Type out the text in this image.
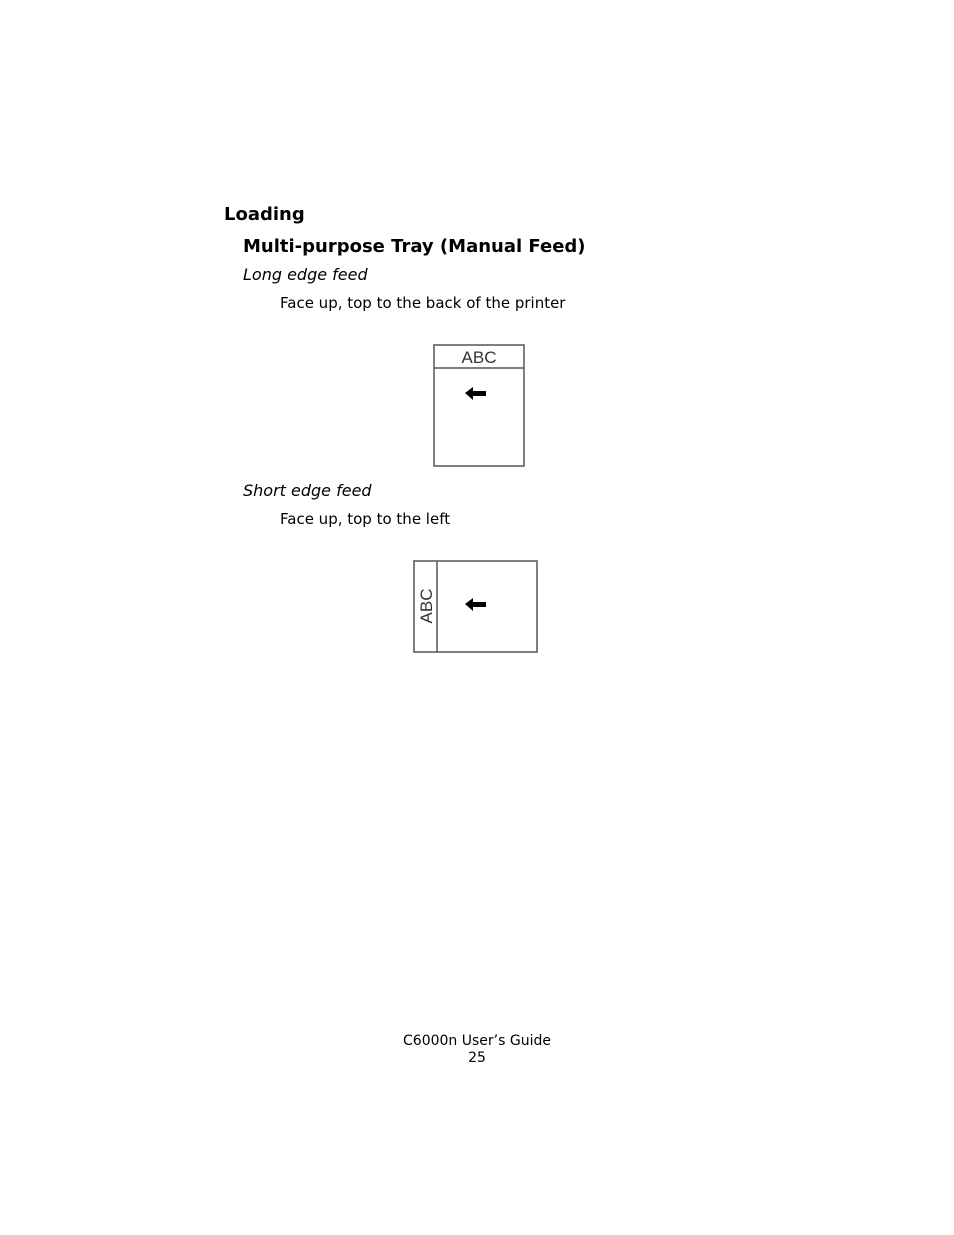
Loading
Multi-purpose Tray (Manual Feed)
Long edge feed
Face up, top to the back of the printer
ABC
Short edge feed
Face up, top to the left
ABC
C6000n User’s Guide
25
